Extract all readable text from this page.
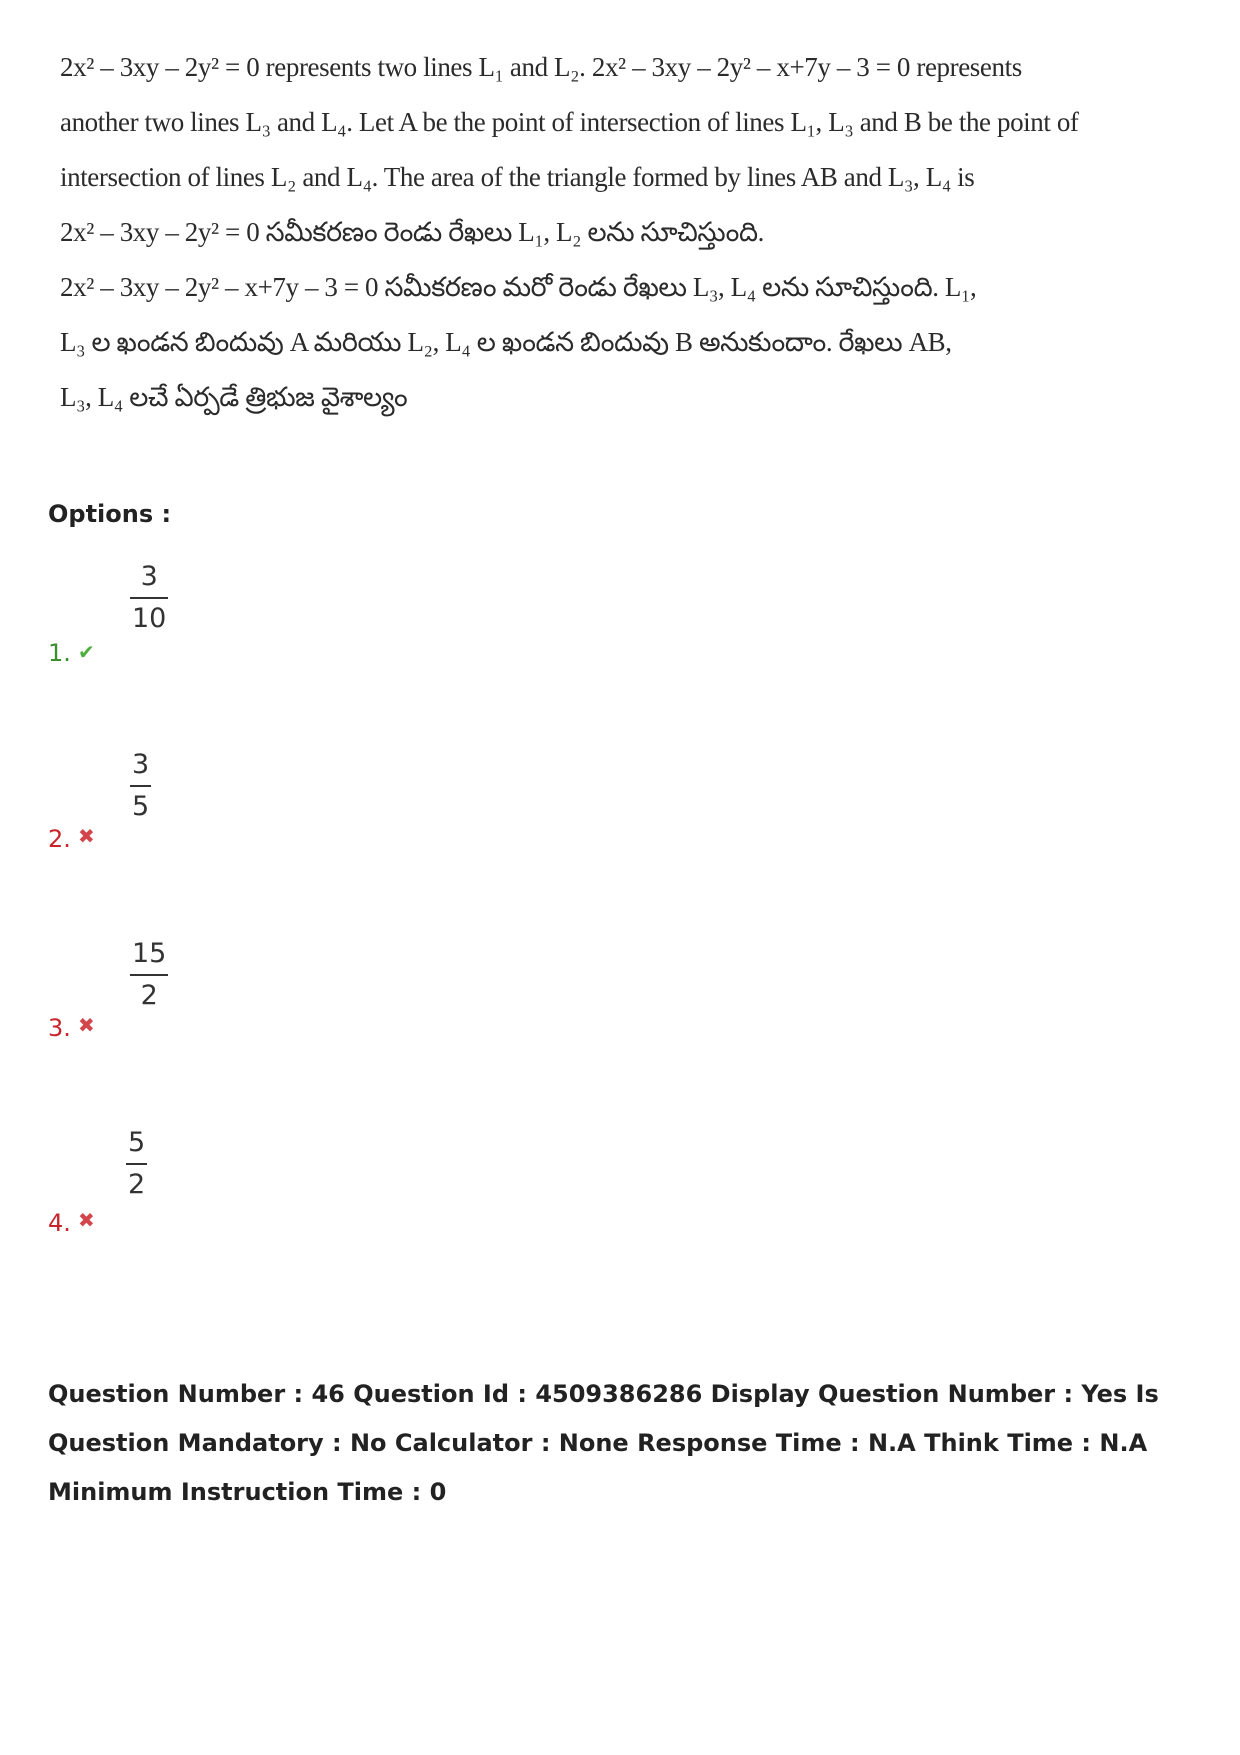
2x² – 3xy – 2y² = 0 represents two lines L₁ and L₂. 2x² – 3xy – 2y² – x+7y – 3 = 0 represents
another two lines L₃ and L₄. Let A be the point of intersection of lines L₁, L₃ and B be the point of
intersection of lines L₂ and L₄. The area of the triangle formed by lines AB and L₃, L₄ is
2x² – 3xy – 2y² = 0 సమీకరణం రెండు రేఖలు L₁, L₂ లను సూచిస్తుంది.
2x² – 3xy – 2y² – x+7y – 3 = 0 సమీకరణం మరో రెండు రేఖలు L₃, L₄ లను సూచిస్తుంది. L₁,
L₃ ల ఖండన బిందువు A మరియు L₂, L₄ ల ఖండన బిందువు B అనుకుందాం. రేఖలు AB,
L₃, L₄ లచే ఏర్పడే త్రిభుజ వైశాల్యం
Options :
3
10
1. ✔
3
5
2. ✖
15
2
3. ✖
5
2
4. ✖
Question Number : 46 Question Id : 4509386286 Display Question Number : Yes Is Question Mandatory : No Calculator : None Response Time : N.A Think Time : N.A Minimum Instruction Time : 0
